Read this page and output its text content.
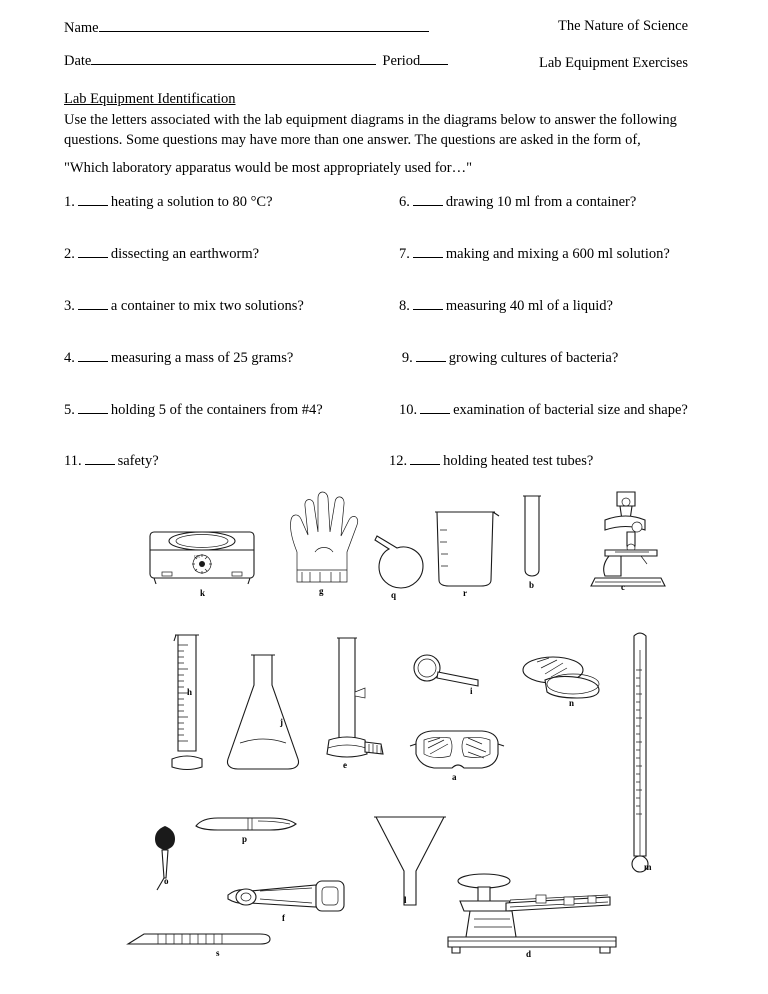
Name
Date	Period
The Nature of Science
Lab Equipment Exercises
Lab Equipment Identification
Use the letters associated with the lab equipment diagrams in the diagrams below to answer the following questions. Some questions may have more than one answer. The questions are asked in the form of,
"Which laboratory apparatus would be most appropriately used for…"
1. heating a solution to 80 °C?	6. drawing 10 ml from a container?
2. dissecting an earthworm?	7. making and mixing a 600 ml solution?
3. a container to mix two solutions?	8. measuring 40 ml of a liquid?
4. measuring a mass of 25 grams?	9. growing cultures of bacteria?
5. holding 5 of the containers from #4?	10. examination of bacterial size and shape?
11. safety?	12. holding heated test tubes?
ON
k	g	q	r
b	c
h
j
e
i
n
a
m
o
p
f
l
s	d
